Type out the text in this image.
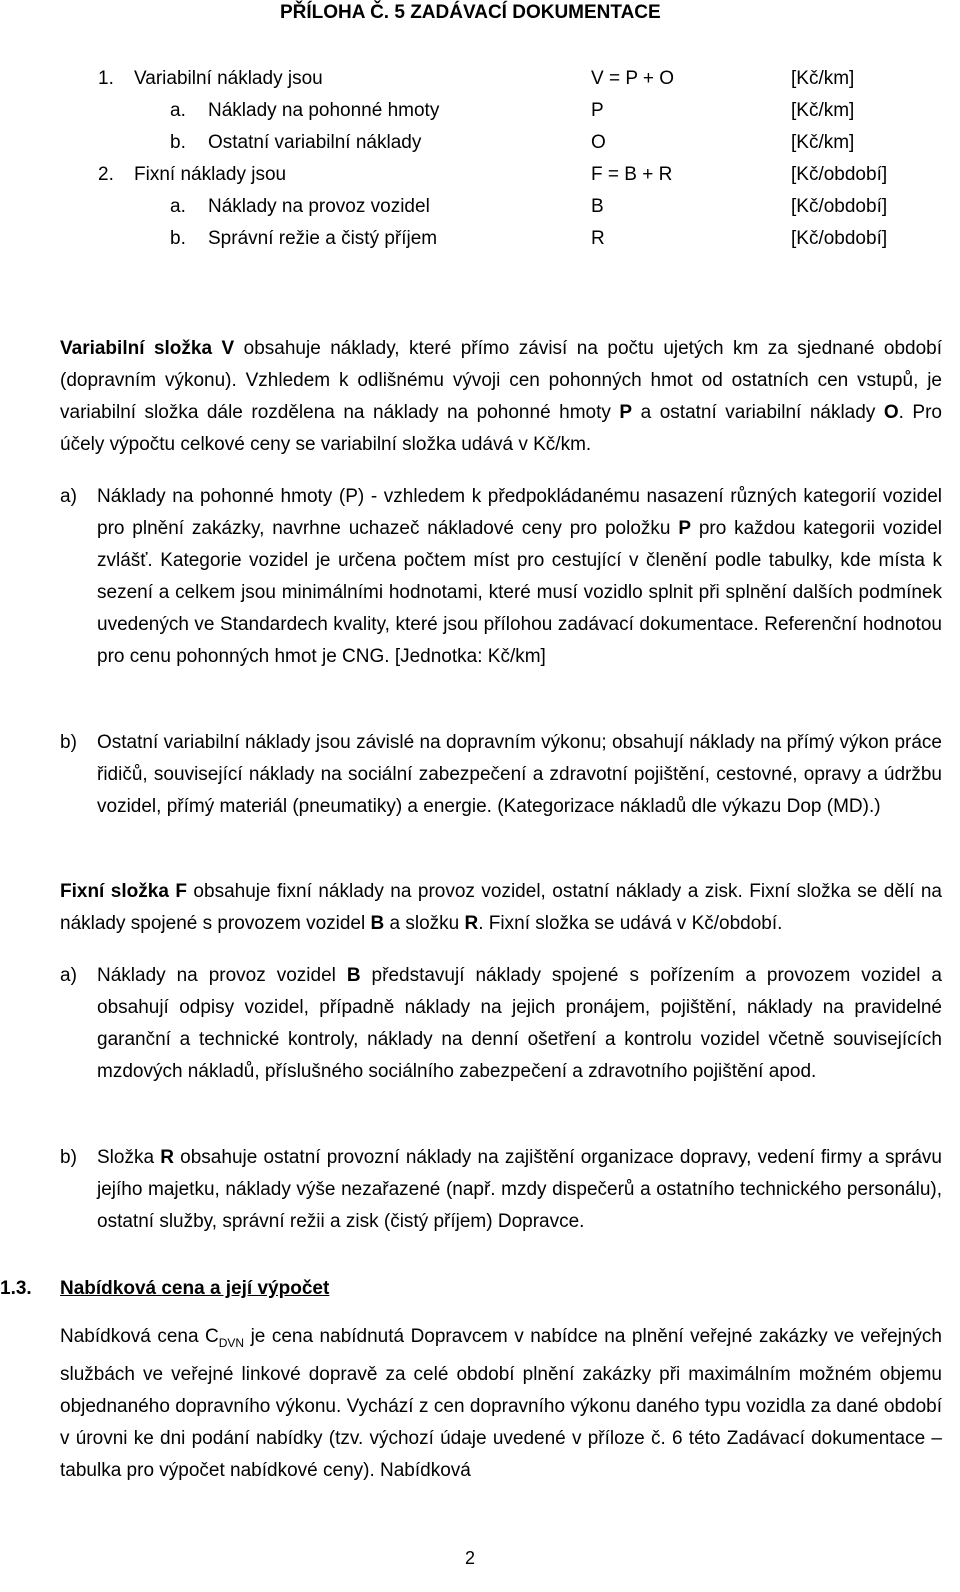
PŘÍLOHA Č. 5 ZADÁVACÍ DOKUMENTACE
1. Variabilní náklady jsou	V = P + O	[Kč/km]
a. Náklady na pohonné hmoty	P	[Kč/km]
b. Ostatní variabilní náklady	O	[Kč/km]
2. Fixní náklady jsou	F = B + R	[Kč/období]
a. Náklady na provoz vozidel	B	[Kč/období]
b. Správní režie a čistý příjem	R	[Kč/období]

Variabilní složka V obsahuje náklady, které přímo závisí na počtu ujetých km za sjednané období (dopravním výkonu). Vzhledem k odlišnému vývoji cen pohonných hmot od ostatních cen vstupů, je variabilní složka dále rozdělena na náklady na pohonné hmoty P a ostatní variabilní náklady O. Pro účely výpočtu celkové ceny se variabilní složka udává v Kč/km.

a) Náklady na pohonné hmoty (P) - vzhledem k předpokládanému nasazení různých kategorií vozidel pro plnění zakázky, navrhne uchazeč nákladové ceny pro položku P pro každou kategorii vozidel zvlášť. Kategorie vozidel je určena počtem míst pro cestující v členění podle tabulky, kde místa k sezení a celkem jsou minimálními hodnotami, které musí vozidlo splnit při splnění dalších podmínek uvedených ve Standardech kvality, které jsou přílohou zadávací dokumentace. Referenční hodnotou pro cenu pohonných hmot je CNG. [Jednotka: Kč/km]

b) Ostatní variabilní náklady jsou závislé na dopravním výkonu; obsahují náklady na přímý výkon práce řidičů, související náklady na sociální zabezpečení a zdravotní pojištění, cestovné, opravy a údržbu vozidel, přímý materiál (pneumatiky) a energie. (Kategorizace nákladů dle výkazu Dop (MD).)

Fixní složka F obsahuje fixní náklady na provoz vozidel, ostatní náklady a zisk. Fixní složka se dělí na náklady spojené s provozem vozidel B a složku R. Fixní složka se udává v Kč/období.

a) Náklady na provoz vozidel B představují náklady spojené s pořízením a provozem vozidel a obsahují odpisy vozidel, případně náklady na jejich pronájem, pojištění, náklady na pravidelné garanční a technické kontroly, náklady na denní ošetření a kontrolu vozidel včetně souvisejících mzdových nákladů, příslušného sociálního zabezpečení a zdravotního pojištění apod.

b) Složka R obsahuje ostatní provozní náklady na zajištění organizace dopravy, vedení firmy a správu jejího majetku, náklady výše nezařazené (např. mzdy dispečerů a ostatního technického personálu), ostatní služby, správní režii a zisk (čistý příjem) Dopravce.

1.3. Nabídková cena a její výpočet

Nabídková cena $C_{DVN}$ je cena nabídnutá Dopravcem v nabídce na plnění veřejné zakázky ve veřejných službách ve veřejné linkové dopravě za celé období plnění zakázky při maximálním možném objemu objednaného dopravního výkonu. Vychází z cen dopravního výkonu daného typu vozidla za dané období v úrovni ke dni podání nabídky (tzv. výchozí údaje uvedené v příloze č. 6 této Zadávací dokumentace – tabulka pro výpočet nabídkové ceny). Nabídková

2
